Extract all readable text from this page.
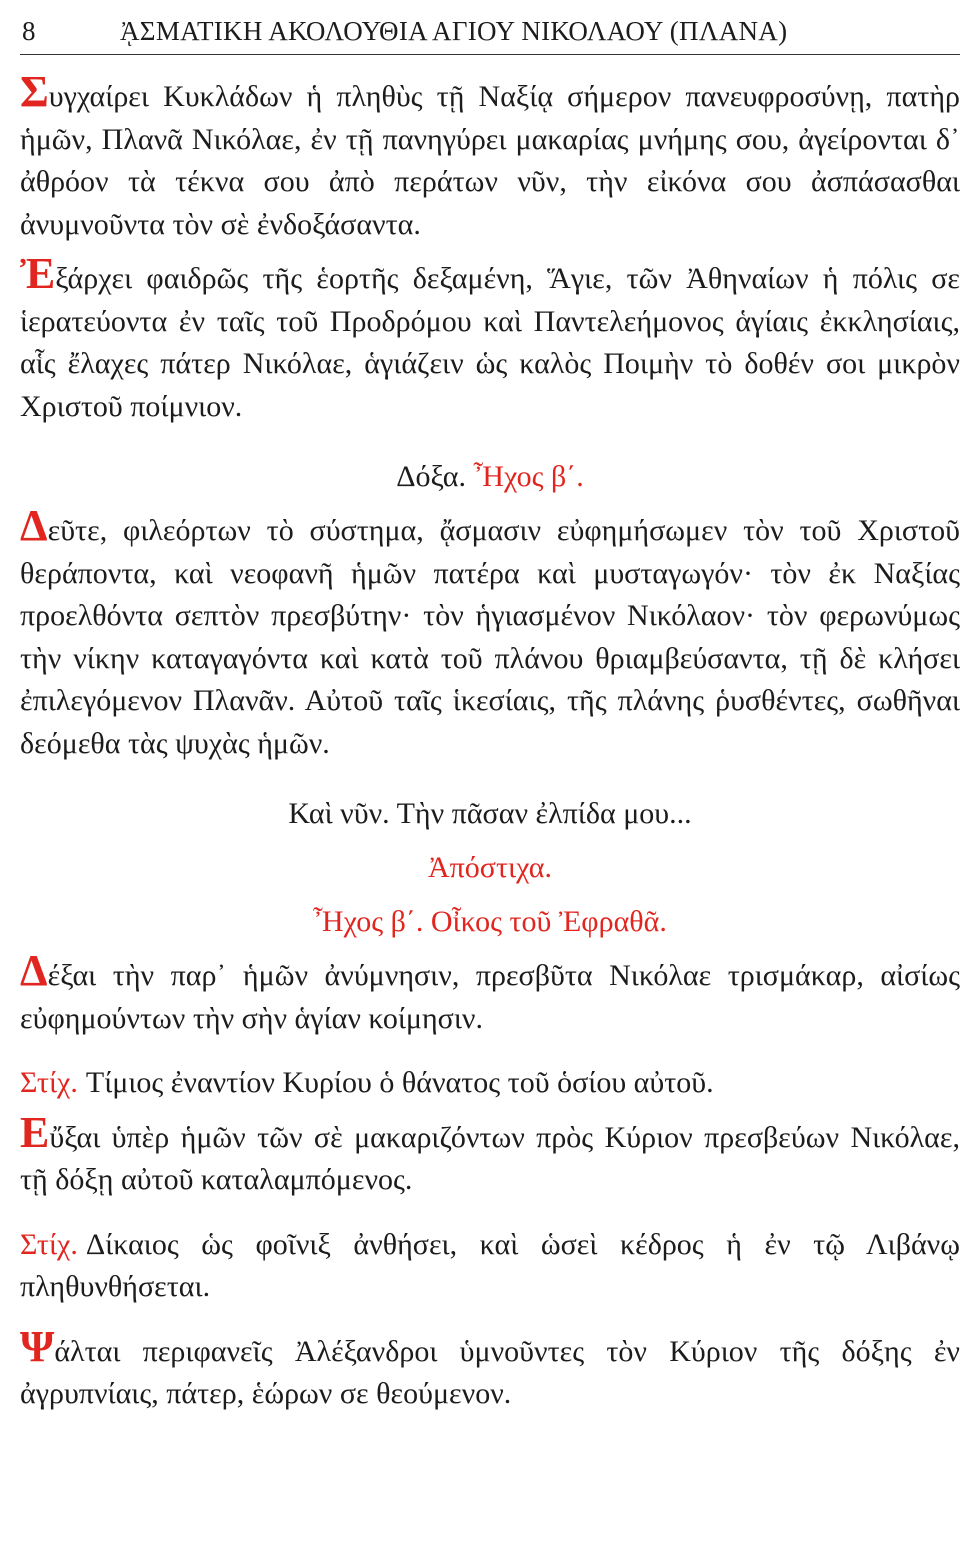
8	ᾈΣΜΑΤΙΚΗ ΑΚΟΛΟΥΘΙΑ ΑΓΙΟΥ ΝΙΚΟΛΑΟΥ (ΠΛΑΝΑ)

Συγχαίρει Κυκλάδων ἡ πληθὺς τῇ Ναξίᾳ σήμερον πανευφροσύνῃ, πατὴρ ἡμῶν, Πλανᾶ Νικόλαε, ἐν τῇ πανηγύρει μακαρίας μνήμης σου, ἀγείρονται δ᾽ ἀθρόον τὰ τέκνα σου ἀπὸ περάτων νῦν, τὴν εἰκόνα σου ἀσπάσασθαι ἀνυμνοῦντα τὸν σὲ ἐνδοξάσαντα.

Ἐξάρχει φαιδρῶς τῆς ἑορτῆς δεξαμένη, Ἅγιε, τῶν Ἀθηναίων ἡ πόλις σε ἱερατεύοντα ἐν ταῖς τοῦ Προδρόμου καὶ Παντελεήμονος ἁγίαις ἐκκλησίαις, αἷς ἔλαχες πάτερ Νικόλαε, ἁγιάζειν ὡς καλὸς Ποιμὴν τὸ δοθέν σοι μικρὸν Χριστοῦ ποίμνιον.

Δόξα. Ἦχος β΄.

Δεῦτε, φιλεόρτων τὸ σύστημα, ᾄσμασιν εὐφημήσωμεν τὸν τοῦ Χριστοῦ θεράποντα, καὶ νεοφανῆ ἡμῶν πατέρα καὶ μυσταγωγόν· τὸν ἐκ Ναξίας προελθόντα σεπτὸν πρεσβύτην· τὸν ἡγιασμένον Νικόλαον· τὸν φερωνύμως τὴν νίκην καταγαγόντα καὶ κατὰ τοῦ πλάνου θριαμβεύσαντα, τῇ δὲ κλήσει ἐπιλεγόμενον Πλανᾶν. Αὐτοῦ ταῖς ἱκεσίαις, τῆς πλάνης ῥυσθέντες, σωθῆναι δεόμεθα τὰς ψυχὰς ἡμῶν.

Καὶ νῦν. Τὴν πᾶσαν ἐλπίδα μου...

Ἀπόστιχα.

Ἦχος β΄. Οἶκος τοῦ Ἐφραθᾶ.

Δέξαι τὴν παρ᾽ ἡμῶν ἀνύμνησιν, πρεσβῦτα Νικόλαε τρισμάκαρ, αἰσίως εὐφημούντων τὴν σὴν ἁγίαν κοίμησιν.

Στίχ. Τίμιος ἐναντίον Κυρίου ὁ θάνατος τοῦ ὁσίου αὐτοῦ.

Εὔξαι ὑπὲρ ἡμῶν τῶν σὲ μακαριζόντων πρὸς Κύριον πρεσβεύων Νικόλαε, τῇ δόξῃ αὐτοῦ καταλαμπόμενος.

Στίχ. Δίκαιος ὡς φοῖνιξ ἀνθήσει, καὶ ὡσεὶ κέδρος ἡ ἐν τῷ Λιβάνῳ πληθυνθήσεται.

Ψάλται περιφανεῖς Ἀλέξανδροι ὑμνοῦντες τὸν Κύριον τῆς δόξης ἐν ἀγρυπνίαις, πάτερ, ἑώρων σε θεούμενον.
